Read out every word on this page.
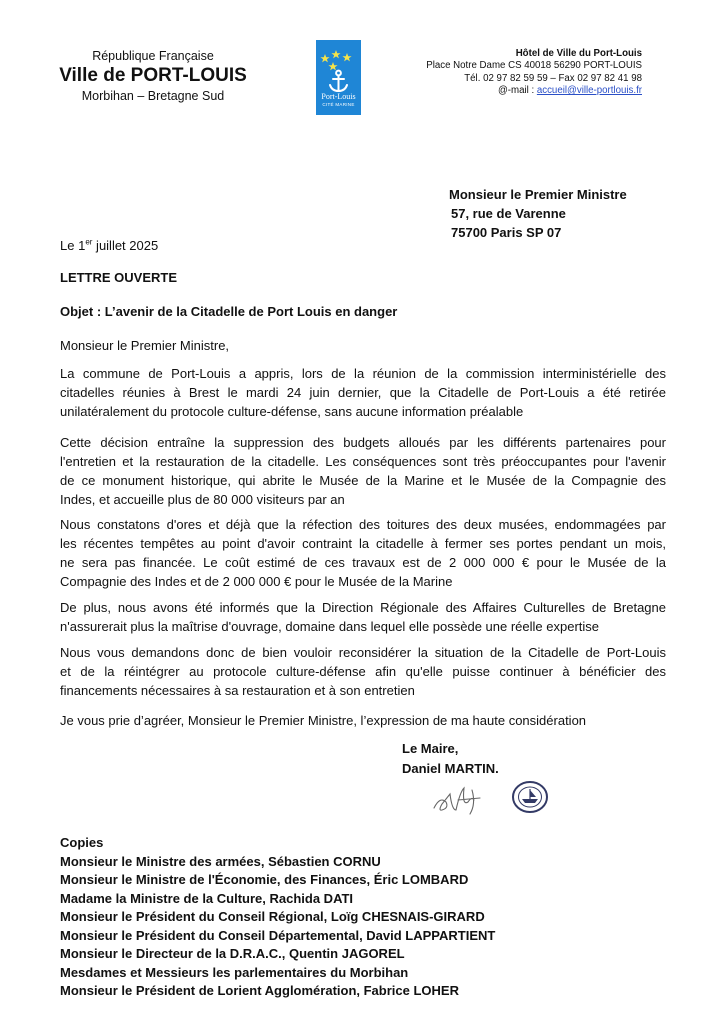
République Française
Ville de PORT-LOUIS
Morbihan – Bretagne Sud	Port-Louis
CITÉ MARINE
Hôtel de Ville du Port-Louis
Place Notre Dame CS 40018 56290 PORT-LOUIS
Tél. 02 97 82 59 59 – Fax 02 97 82 41 98
@-mail : accueil@ville-portlouis.fr
Monsieur le Premier Ministre
57, rue de Varenne
75700 Paris SP 07
Le 1er juillet 2025
LETTRE OUVERTE
Objet : L’avenir de la Citadelle de Port Louis en danger
Monsieur le Premier Ministre,
La commune de Port-Louis a appris, lors de la réunion de la commission interministérielle des
citadelles réunies à Brest le mardi 24 juin dernier, que la Citadelle de Port-Louis a été retirée
unilatéralement du protocole culture-défense, sans aucune information préalable
Cette décision entraîne la suppression des budgets alloués par les différents partenaires pour
l'entretien et la restauration de la citadelle. Les conséquences sont très préoccupantes pour l'avenir
de ce monument historique, qui abrite le Musée de la Marine et le Musée de la Compagnie des
Indes, et accueille plus de 80 000 visiteurs par an
Nous constatons d'ores et déjà que la réfection des toitures des deux musées, endommagées par
les récentes tempêtes au point d'avoir contraint la citadelle à fermer ses portes pendant un mois,
ne sera pas financée. Le coût estimé de ces travaux est de 2 000 000 € pour le Musée de la
Compagnie des Indes et de 2 000 000 € pour le Musée de la Marine
De plus, nous avons été informés que la Direction Régionale des Affaires Culturelles de Bretagne
n'assurerait plus la maîtrise d'ouvrage, domaine dans lequel elle possède une réelle expertise
Nous vous demandons donc de bien vouloir reconsidérer la situation de la Citadelle de Port-Louis
et de la réintégrer au protocole culture-défense afin qu'elle puisse continuer à bénéficier des
financements nécessaires à sa restauration et à son entretien
Je vous prie d’agréer, Monsieur le Premier Ministre, l’expression de ma haute considération
Le Maire,
Daniel MARTIN.
Copies
Monsieur le Ministre des armées, Sébastien CORNU
Monsieur le Ministre de l'Économie, des Finances, Éric LOMBARD
Madame la Ministre de la Culture, Rachida DATI
Monsieur le Président du Conseil Régional, Loïg CHESNAIS-GIRARD
Monsieur le Président du Conseil Départemental, David LAPPARTIENT
Monsieur le Directeur de la D.R.A.C., Quentin JAGOREL
Mesdames et Messieurs les parlementaires du Morbihan
Monsieur le Président de Lorient Agglomération, Fabrice LOHER
